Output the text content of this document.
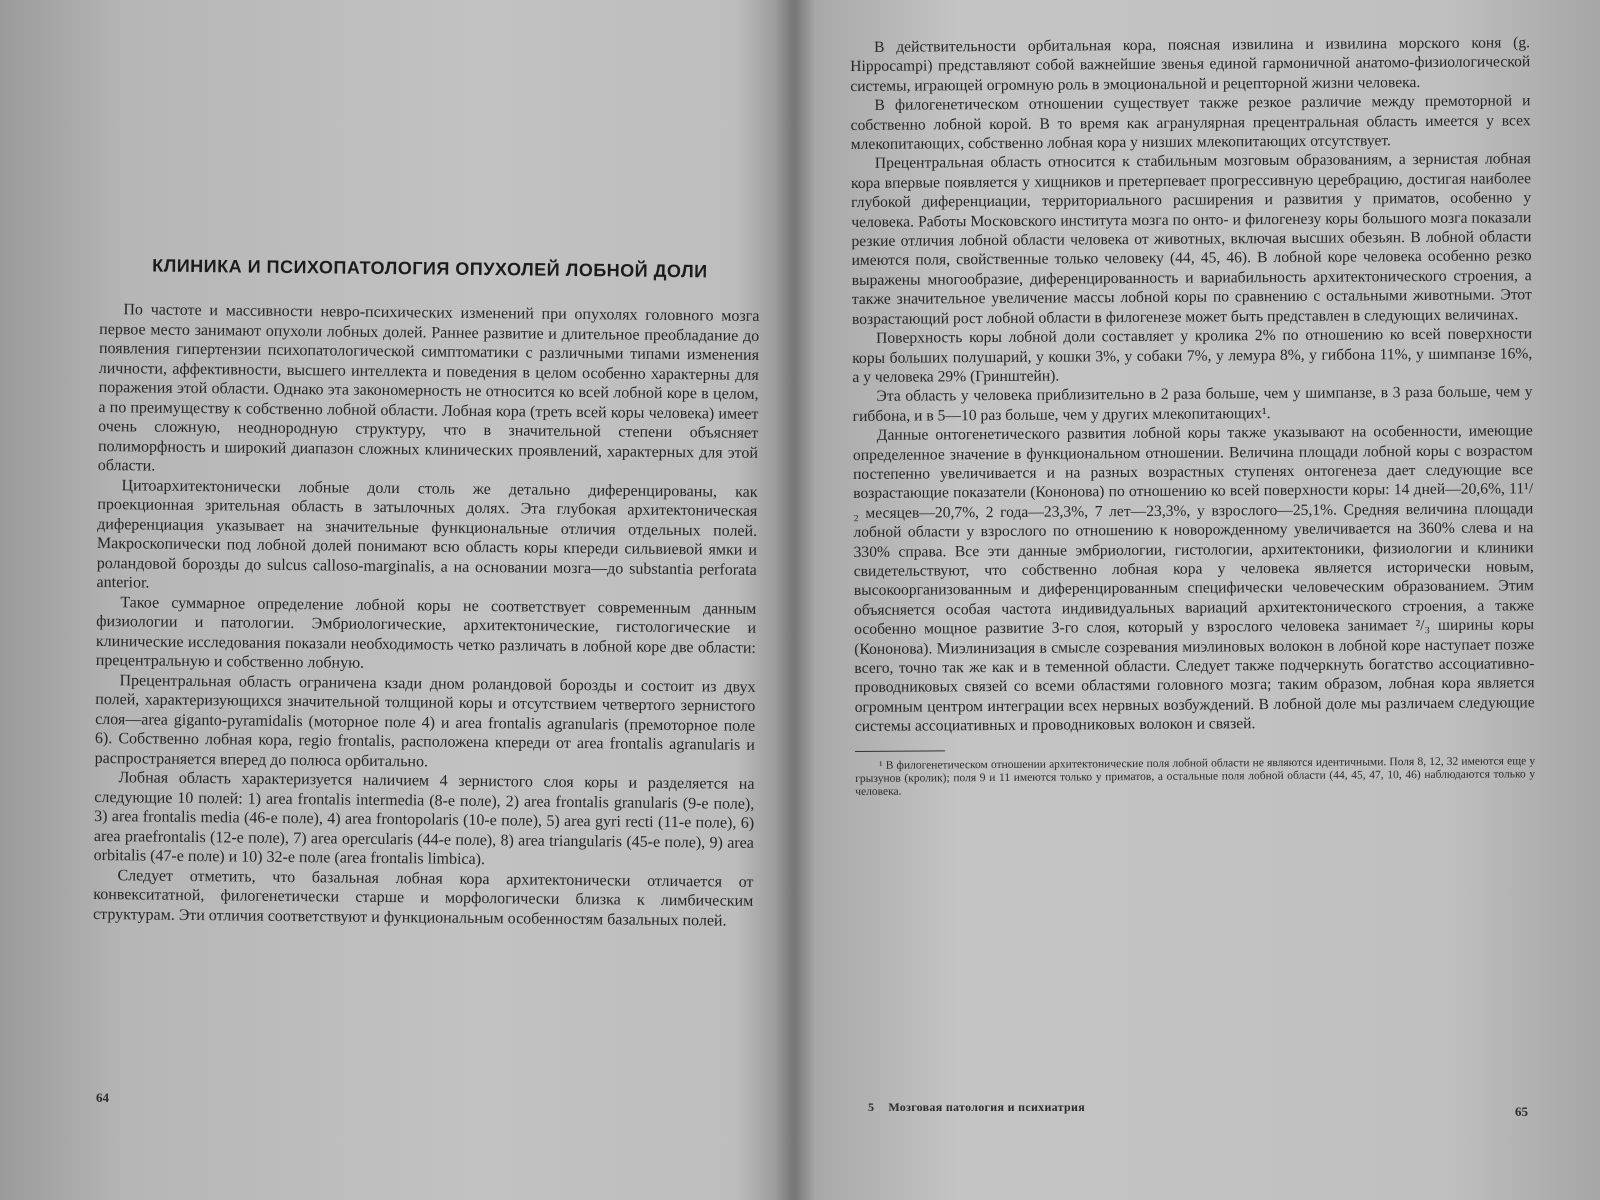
КЛИНИКА И ПСИХОПАТОЛОГИЯ ОПУХОЛЕЙ ЛОБНОЙ ДОЛИ

По частоте и массивности невро-психических изменений при опухолях головного мозга первое место занимают опухоли лобных долей. Раннее развитие и длительное преобладание до появления гипертензии психопатологической симптоматики с различными типами изменения личности, аффективности, высшего интеллекта и поведения в целом особенно характерны для поражения этой области. Однако эта закономерность не относится ко всей лобной коре в целом, а по преимуществу к собственно лобной области. Лобная кора (треть всей коры человека) имеет очень сложную, неоднородную структуру, что в значительной степени объясняет полиморфность и широкий диапазон сложных клинических проявлений, характерных для этой области.

Цитоархитектонически лобные доли столь же детально диференцированы, как проекционная зрительная область в затылочных долях. Эта глубокая архитектоническая диференциация указывает на значительные функциональные отличия отдельных полей. Макроскопически под лобной долей понимают всю область коры кпереди сильвиевой ямки и роландовой борозды до sulcus calloso-marginalis, а на основании мозга—до substantia perforata anterior.

Такое суммарное определение лобной коры не соответствует современным данным физиологии и патологии. Эмбриологические, архитектонические, гистологические и клинические исследования показали необходимость четко различать в лобной коре две области: прецентральную и собственно лобную.

Прецентральная область ограничена кзади дном роландовой борозды и состоит из двух полей, характеризующихся значительной толщиной коры и отсутствием четвертого зернистого слоя—area giganto-pyramidalis (моторное поле 4) и area frontalis agranularis (премоторное поле 6). Собственно лобная кора, regio frontalis, расположена кпереди от area frontalis agranularis и распространяется вперед до полюса орбитально.

Лобная область характеризуется наличием 4 зернистого слоя коры и разделяется на следующие 10 полей: 1) area frontalis intermedia (8-е поле), 2) area frontalis granularis (9-е поле), 3) area frontalis media (46-е поле), 4) area frontopolaris (10-е поле), 5) area gyri recti (11-е поле), 6) area praefrontalis (12-е поле), 7) area opercularis (44-е поле), 8) area triangularis (45-е поле), 9) area orbitalis (47-е поле) и 10) 32-е поле (area frontalis limbica).

Следует отметить, что базальная лобная кора архитектонически отличается от конвекситатной, филогенетически старше и морфологически близка к лимбическим структурам. Эти отличия соответствуют и функциональным особенностям базальных полей.

64

В действительности орбитальная кора, поясная извилина и извилина морского коня (g. Hippocampi) представляют собой важнейшие звенья единой гармоничной анатомо-физиологической системы, играющей огромную роль в эмоциональной и рецепторной жизни человека.

В филогенетическом отношении существует также резкое различие между премоторной и собственно лобной корой. В то время как агранулярная прецентральная область имеется у всех млекопитающих, собственно лобная кора у низших млекопитающих отсутствует.

Прецентральная область относится к стабильным мозговым образованиям, а зернистая лобная кора впервые появляется у хищников и претерпевает прогрессивную церебрацию, достигая наиболее глубокой диференциации, территориального расширения и развития у приматов, особенно у человека. Работы Московского института мозга по онто- и филогенезу коры большого мозга показали резкие отличия лобной области человека от животных, включая высших обезьян. В лобной области имеются поля, свойственные только человеку (44, 45, 46). В лобной коре человека особенно резко выражены многообразие, диференцированность и вариабильность архитектонического строения, а также значительное увеличение массы лобной коры по сравнению с остальными животными. Этот возрастающий рост лобной области в филогенезе может быть представлен в следующих величинах.

Поверхность коры лобной доли составляет у кролика 2% по отношению ко всей поверхности коры больших полушарий, у кошки 3%, у собаки 7%, у лемура 8%, у гиббона 11%, у шимпанзе 16%, а у человека 29% (Гринштейн).

Эта область у человека приблизительно в 2 раза больше, чем у шимпанзе, в 3 раза больше, чем у гиббона, и в 5—10 раз больше, чем у других млекопитающих¹.

Данные онтогенетического развития лобной коры также указывают на особенности, имеющие определенное значение в функциональном отношении. Величина площади лобной коры с возрастом постепенно увеличивается и на разных возрастных ступенях онтогенеза дает следующие все возрастающие показатели (Кононова) по отношению ко всей поверхности коры: 14 дней—20,6%, 11¹/₂ месяцев—20,7%, 2 года—23,3%, 7 лет—23,3%, у взрослого—25,1%. Средняя величина площади лобной области у взрослого по отношению к новорожденному увеличивается на 360% слева и на 330% справа. Все эти данные эмбриологии, гистологии, архитектоники, физиологии и клиники свидетельствуют, что собственно лобная кора у человека является исторически новым, высокоорганизованным и диференцированным специфически человеческим образованием. Этим объясняется особая частота индивидуальных вариаций архитектонического строения, а также особенно мощное развитие 3-го слоя, который у взрослого человека занимает ²/₃ ширины коры (Кононова). Миэлинизация в смысле созревания миэлиновых волокон в лобной коре наступает позже всего, точно так же как и в теменной области. Следует также подчеркнуть богатство ассоциативно-проводниковых связей со всеми областями головного мозга; таким образом, лобная кора является огромным центром интеграции всех нервных возбуждений. В лобной доле мы различаем следующие системы ассоциативных и проводниковых волокон и связей.

¹ В филогенетическом отношении архитектонические поля лобной области не являются идентичными. Поля 8, 12, 32 имеются еще у грызунов (кролик); поля 9 и 11 имеются только у приматов, а остальные поля лобной области (44, 45, 47, 10, 46) наблюдаются только у человека.

5 Мозговая патология и психиатрия	65
